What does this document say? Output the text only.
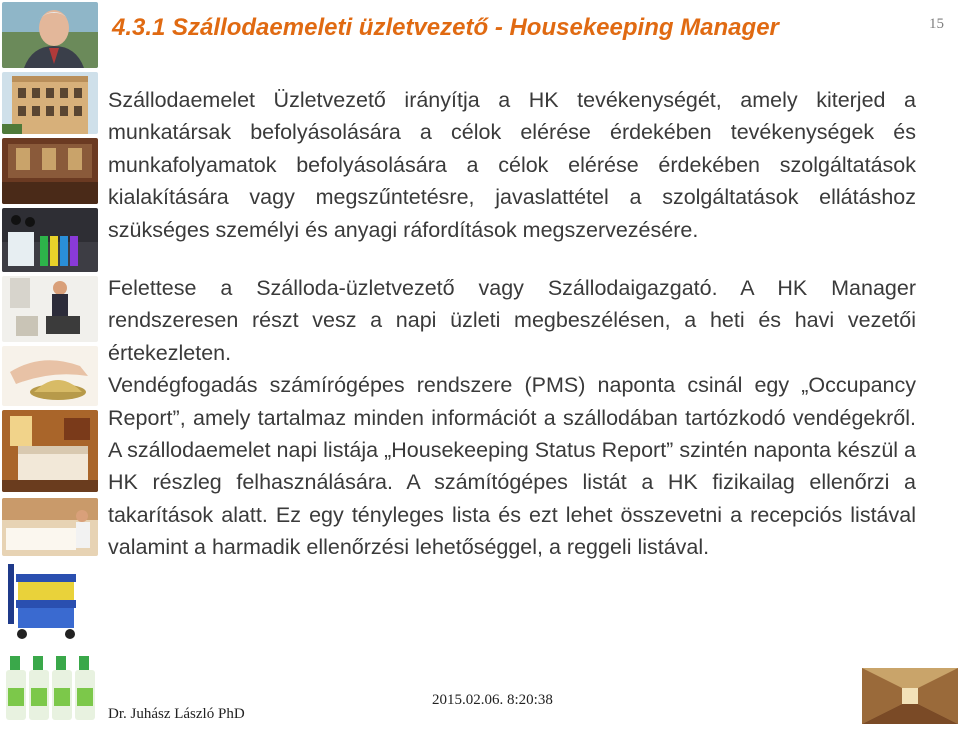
4.3.1 Szállodaemeleti üzletvezető - Housekeeping Manager	15

Szállodaemelet Üzletvezető irányítja a HK tevékenységét, amely kiterjed a munkatársak befolyásolására a célok elérése érdekében tevékenységek és munkafolyamatok befolyásolására a célok elérése érdekében szolgáltatások kialakítására vagy megszűntetésre, javaslattétel a szolgáltatások ellátáshoz szükséges személyi és anyagi ráfordítások megszervezésére.

Felettese a Szálloda-üzletvezető vagy Szállodaigazgató. A HK Manager rendszeresen részt vesz a napi üzleti megbeszélésen, a heti és havi vezetői értekezleten.

Vendégfogadás számírógépes rendszere (PMS) naponta csinál egy „Occupancy Report”, amely tartalmaz minden információt a szállodában tartózkodó vendégekről. A szállodaemelet napi listája „Housekeeping Status Report” szintén naponta készül a HK részleg felhasználására. A számítógépes listát a HK fizikailag ellenőrzi a takarítások alatt. Ez egy tényleges lista és ezt lehet összevetni a recepciós listával valamint a harmadik ellenőrzési lehetőséggel, a reggeli listával.

2015.02.06. 8:20:38
Dr. Juhász László PhD
